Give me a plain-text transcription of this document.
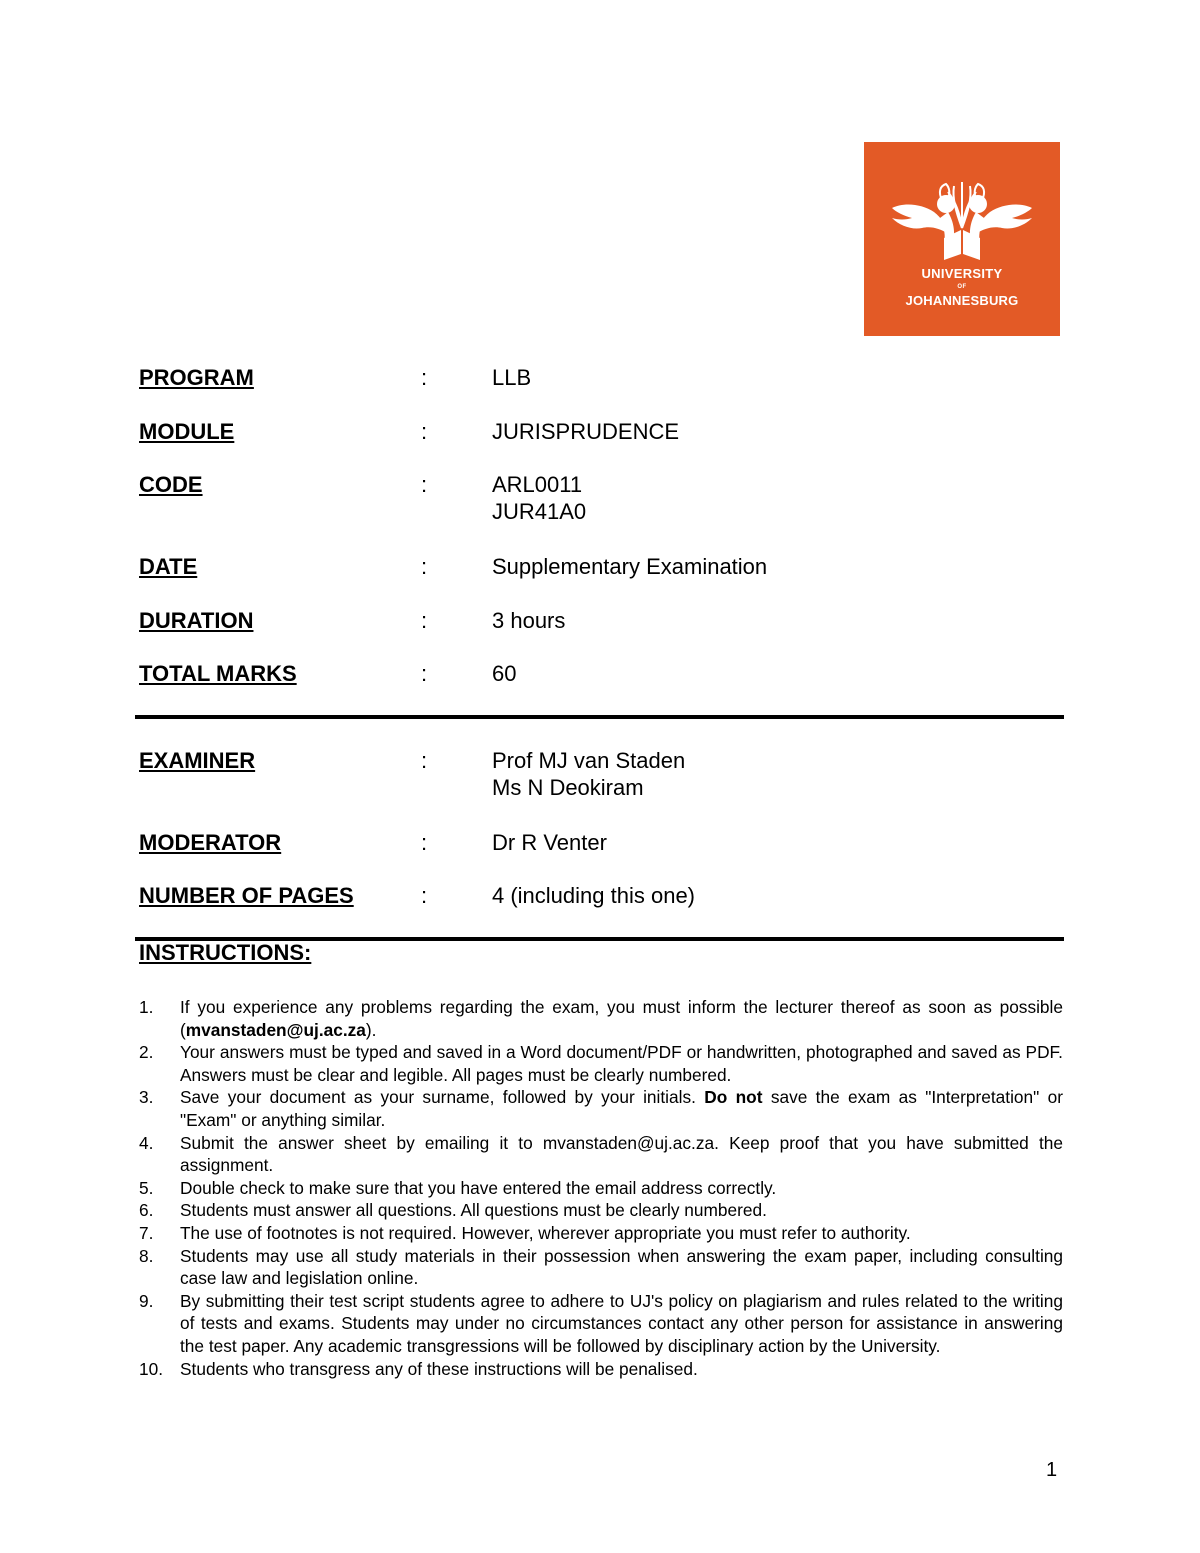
UNIVERSITY
OF
JOHANNESBURG
PROGRAM	:	LLB
MODULE	:	JURISPRUDENCE
CODE	:	ARL0011
JUR41A0
DATE	:	Supplementary Examination
DURATION	:	3 hours
TOTAL MARKS	:	60
EXAMINER	:	Prof MJ van Staden
Ms N Deokiram
MODERATOR	:	Dr R Venter
NUMBER OF PAGES	:	4 (including this one)
INSTRUCTIONS:
1.	If you experience any problems regarding the exam, you must inform the lecturer thereof as soon as possible (mvanstaden@uj.ac.za).
2.	Your answers must be typed and saved in a Word document/PDF or handwritten, photographed and saved as PDF. Answers must be clear and legible. All pages must be clearly numbered.
3.	Save your document as your surname, followed by your initials. Do not save the exam as "Interpretation" or "Exam" or anything similar.
4.	Submit the answer sheet by emailing it to mvanstaden@uj.ac.za. Keep proof that you have submitted the assignment.
5.	Double check to make sure that you have entered the email address correctly.
6.	Students must answer all questions. All questions must be clearly numbered.
7.	The use of footnotes is not required. However, wherever appropriate you must refer to authority.
8.	Students may use all study materials in their possession when answering the exam paper, including consulting case law and legislation online.
9.	By submitting their test script students agree to adhere to UJ's policy on plagiarism and rules related to the writing of tests and exams. Students may under no circumstances contact any other person for assistance in answering the test paper. Any academic transgressions will be followed by disciplinary action by the University.
10. Students who transgress any of these instructions will be penalised.
1
